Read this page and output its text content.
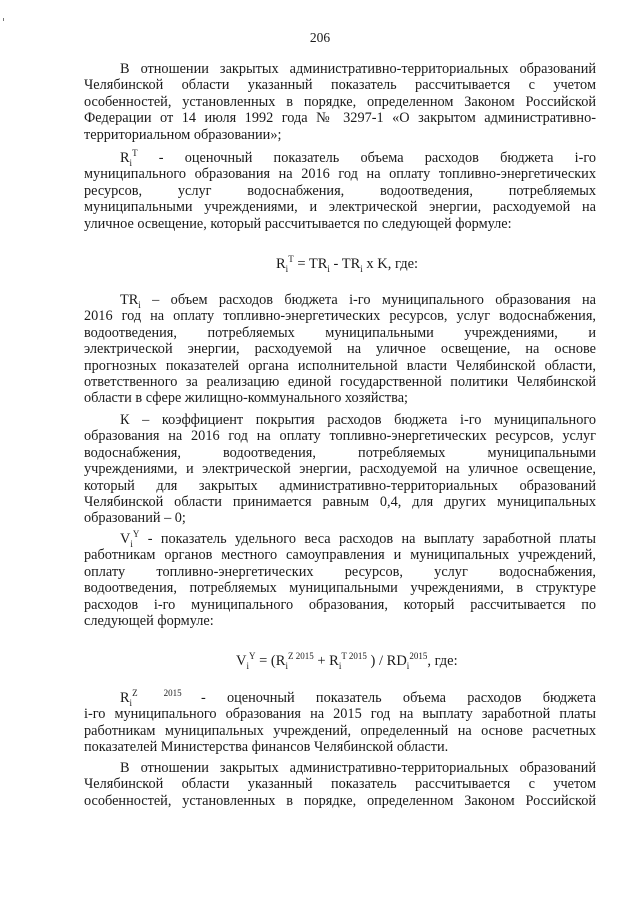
206
В отношении закрытых административно-территориальных образований
Челябинской области указанный показатель рассчитывается с учетом
особенностей, установленных в порядке, определенном Законом Российской
Федерации от 14 июля 1992 года № 3297-1 «О закрытом административно-
территориальном образовании»;
$R_i^T$ - оценочный показатель объема расходов бюджета i-го
муниципального образования на 2016 год на оплату топливно-энергетических
ресурсов, услуг водоснабжения, водоотведения, потребляемых
муниципальными учреждениями, и электрической энергии, расходуемой на
уличное освещение, который рассчитывается по следующей формуле:
$R_i^T = TR_i - TR_i$ x K, где:
$TR_i$ – объем расходов бюджета i-го муниципального образования на
2016 год на оплату топливно-энергетических ресурсов, услуг водоснабжения,
водоотведения, потребляемых муниципальными учреждениями, и
электрической энергии, расходуемой на уличное освещение, на основе
прогнозных показателей органа исполнительной власти Челябинской области,
ответственного за реализацию единой государственной политики Челябинской
области в сфере жилищно-коммунального хозяйства;
К – коэффициент покрытия расходов бюджета i-го муниципального
образования на 2016 год на оплату топливно-энергетических ресурсов, услуг
водоснабжения, водоотведения, потребляемых муниципальными
учреждениями, и электрической энергии, расходуемой на уличное освещение,
который для закрытых административно-территориальных образований
Челябинской области принимается равным 0,4, для других муниципальных
образований – 0;
$V_i^Y$ - показатель удельного веса расходов на выплату заработной платы
работникам органов местного самоуправления и муниципальных учреждений,
оплату топливно-энергетических ресурсов, услуг водоснабжения,
водоотведения, потребляемых муниципальными учреждениями, в структуре
расходов i-го муниципального образования, который рассчитывается по
следующей формуле:
$V_i^Y = (R_i^{Z 2015} + R_i^{T 2015}$ ) / $RD_i^{2015}$, где:
$R_i^Z$	$^{2015}$ - оценочный показатель объема расходов бюджета
i-го муниципального образования на 2015 год на выплату заработной платы
работникам муниципальных учреждений, определенный на основе расчетных
показателей Министерства финансов Челябинской области.
В отношении закрытых административно-территориальных образований
Челябинской области указанный показатель рассчитывается с учетом
особенностей, установленных в порядке, определенном Законом Российской
